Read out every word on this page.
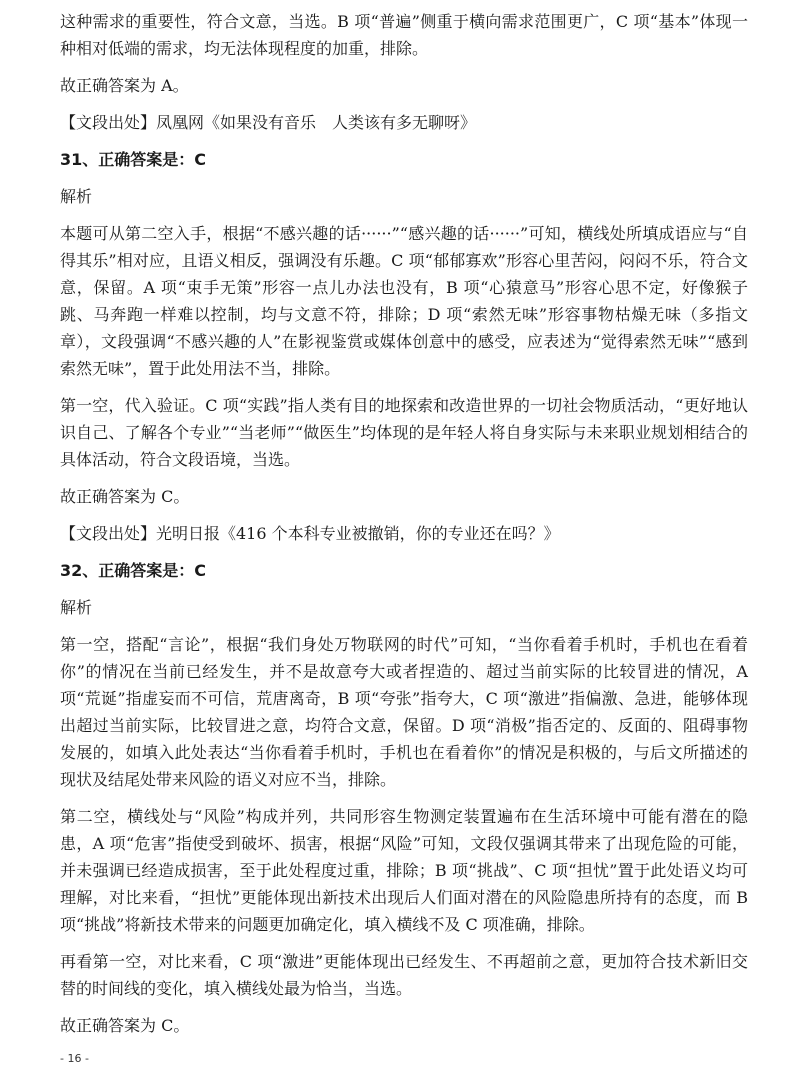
这种需求的重要性，符合文意，当选。B 项“普遍”侧重于横向需求范围更广，C 项“基本”体现一种相对低端的需求，均无法体现程度的加重，排除。

故正确答案为 A。

【文段出处】凤凰网《如果没有音乐　人类该有多无聊呀》

31、正确答案是：C

解析

本题可从第二空入手，根据“不感兴趣的话······”“感兴趣的话······”可知，横线处所填成语应与“自得其乐”相对应，且语义相反，强调没有乐趣。C 项“郁郁寡欢”形容心里苦闷，闷闷不乐，符合文意，保留。A 项“束手无策”形容一点儿办法也没有，B 项“心猿意马”形容心思不定，好像猴子跳、马奔跑一样难以控制，均与文意不符，排除；D 项“索然无味”形容事物枯燥无味（多指文章），文段强调“不感兴趣的人”在影视鉴赏或媒体创意中的感受，应表述为“觉得索然无味”“感到索然无味”，置于此处用法不当，排除。

第一空，代入验证。C 项“实践”指人类有目的地探索和改造世界的一切社会物质活动，“更好地认识自己、了解各个专业”“当老师”“做医生”均体现的是年轻人将自身实际与未来职业规划相结合的具体活动，符合文段语境，当选。

故正确答案为 C。

【文段出处】光明日报《416 个本科专业被撤销，你的专业还在吗？》

32、正确答案是：C

解析

第一空，搭配“言论”，根据“我们身处万物联网的时代”可知，“当你看着手机时，手机也在看着你”的情况在当前已经发生，并不是故意夸大或者捏造的、超过当前实际的比较冒进的情况，A 项“荒诞”指虚妄而不可信，荒唐离奇，B 项“夸张”指夸大，C 项“激进”指偏激、急进，能够体现出超过当前实际，比较冒进之意，均符合文意，保留。D 项“消极”指否定的、反面的、阻碍事物发展的，如填入此处表达“当你看着手机时，手机也在看着你”的情况是积极的，与后文所描述的现状及结尾处带来风险的语义对应不当，排除。

第二空，横线处与“风险”构成并列，共同形容生物测定装置遍布在生活环境中可能有潜在的隐患，A 项“危害”指使受到破坏、损害，根据“风险”可知，文段仅强调其带来了出现危险的可能，并未强调已经造成损害，至于此处程度过重，排除；B 项“挑战”、C 项“担忧”置于此处语义均可理解，对比来看，“担忧”更能体现出新技术出现后人们面对潜在的风险隐患所持有的态度，而 B 项“挑战”将新技术带来的问题更加确定化，填入横线不及 C 项准确，排除。

再看第一空，对比来看，C 项“激进”更能体现出已经发生、不再超前之意，更加符合技术新旧交替的时间线的变化，填入横线处最为恰当，当选。

故正确答案为 C。

- 16 -
